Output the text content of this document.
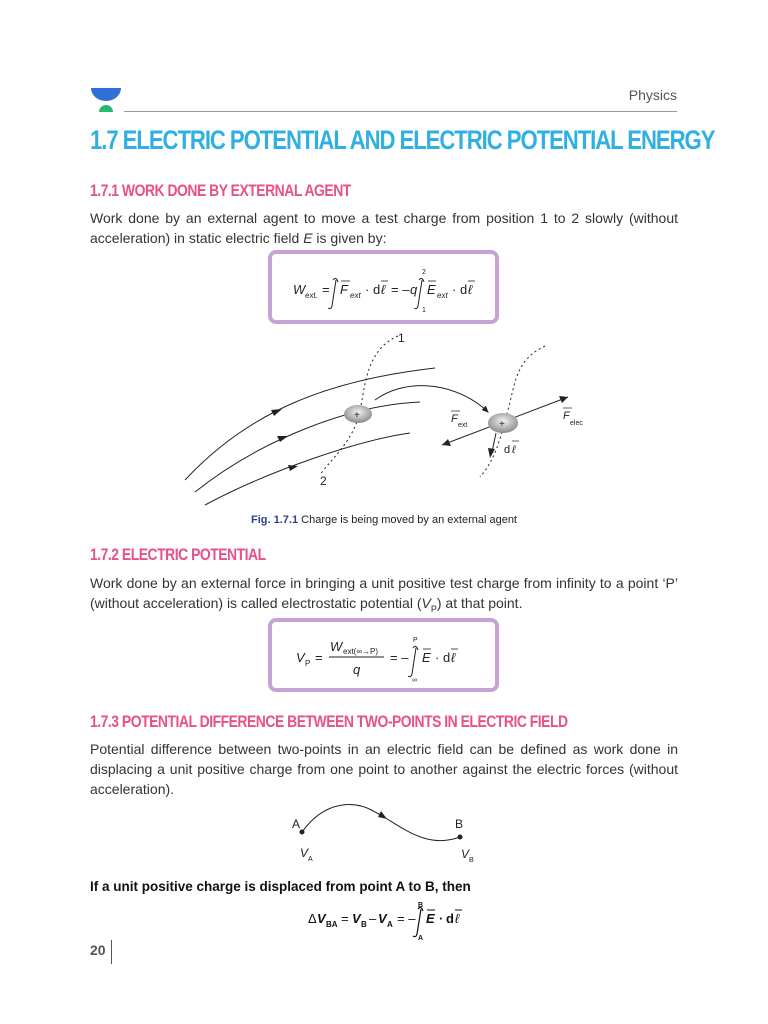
Physics
1.7 ELECTRIC POTENTIAL AND ELECTRIC POTENTIAL ENERGY
1.7.1 WORK DONE BY EXTERNAL AGENT
Work done by an external agent to move a test charge from position 1 to 2 slowly (without acceleration) in static electric field E is given by:
W ext. = F ext · d ℓ = – q
2
1
E ext · d ℓ
1
2
+
+
F
ext
F
elec
d ℓ
Fig. 1.7.1 Charge is being moved by an external agent
1.7.2 ELECTRIC POTENTIAL
Work done by an external force in bringing a unit positive test charge from infinity to a point ‘P’ (without acceleration) is called electrostatic potential $(V_P)$ at that point.
V P =
W ext(∞→P)
q
= –
P
∞
E · d ℓ
1.7.3 POTENTIAL DIFFERENCE BETWEEN TWO-POINTS IN ELECTRIC FIELD
Potential difference between two-points in an electric field can be defined as work done in displacing a unit positive charge from one point to another against the electric forces (without acceleration).
A	B
V A	V B
If a unit positive charge is displaced from point A to B, then
Δ V BA = V B – V A = –
B
A
E · d ℓ
20
